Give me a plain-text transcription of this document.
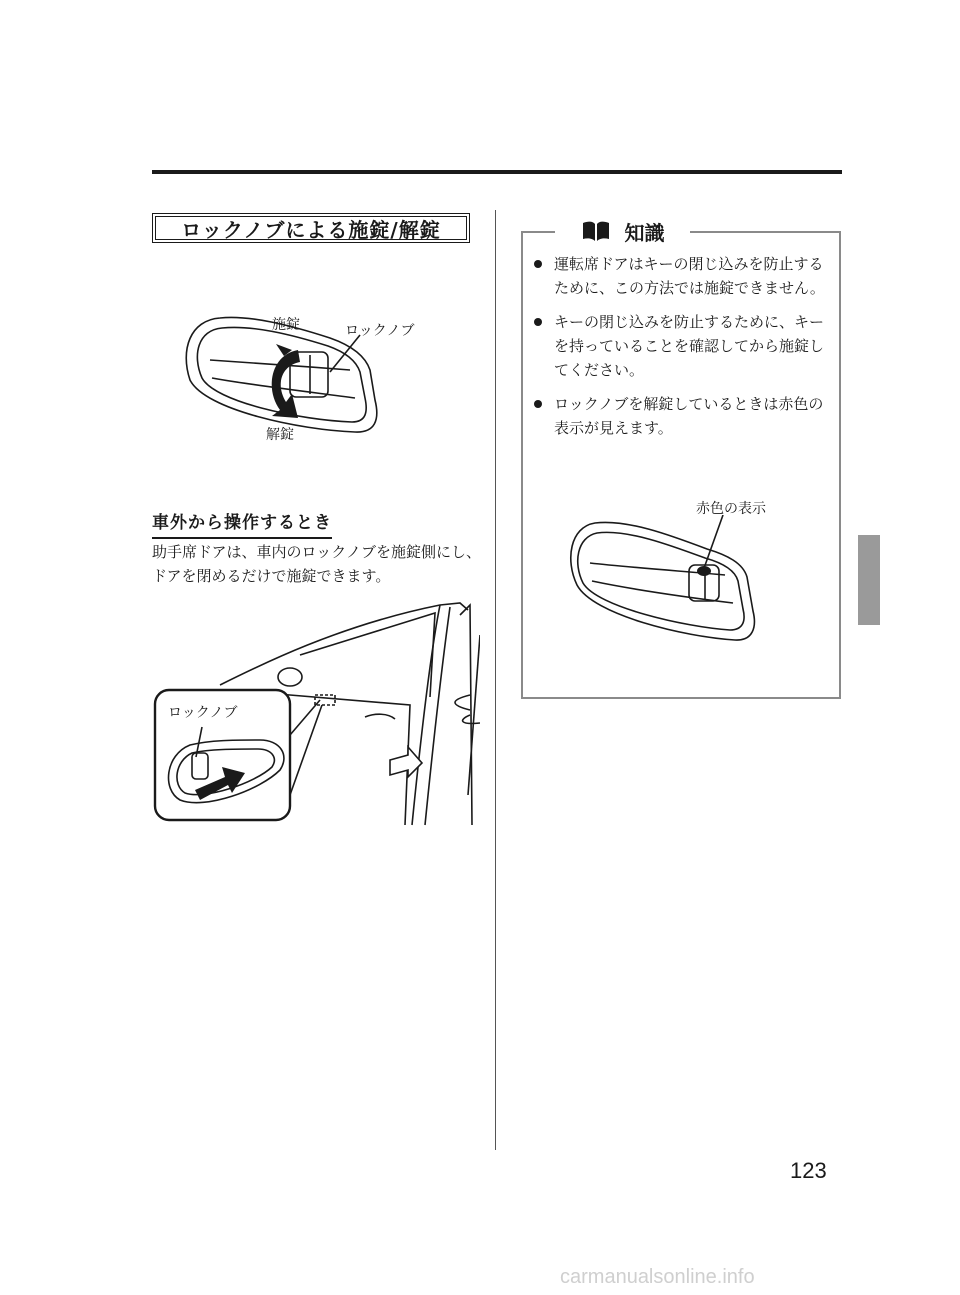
ロックノブによる施錠/解錠
施錠	ロックノブ
解錠
車外から操作するとき
助手席ドアは、車内のロックノブを施錠側にし、ドアを閉めるだけで施錠できます。
ロックノブ
知識
運転席ドアはキーの閉じ込みを防止するために、この方法では施錠できません。
キーの閉じ込みを防止するために、キーを持っていることを確認してから施錠してください。
ロックノブを解錠しているときは赤色の表示が見えます。
赤色の表示
123
carmanualsonline.info
